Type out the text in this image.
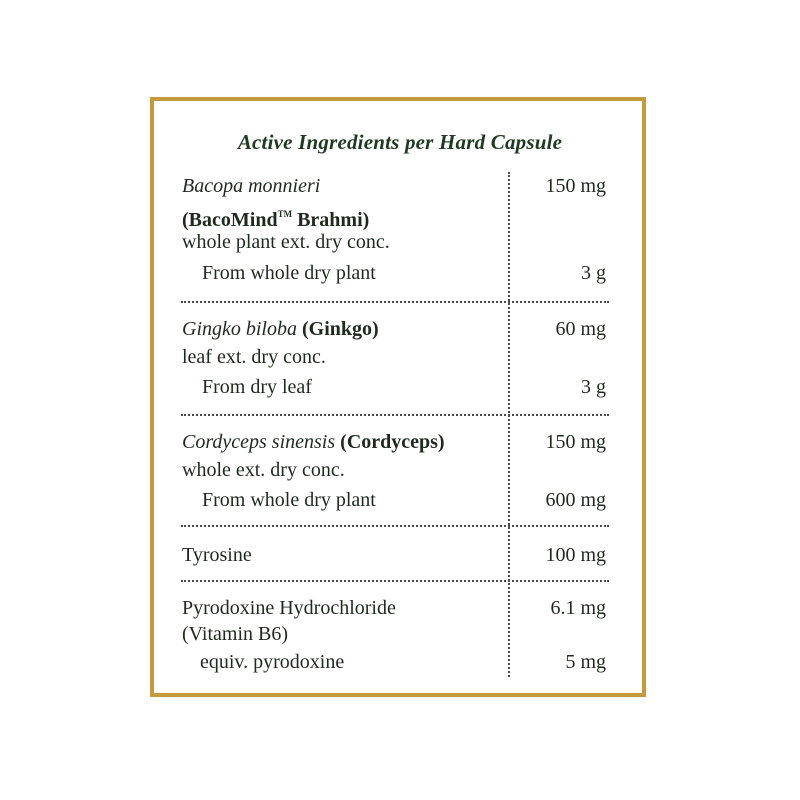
Active Ingredients per Hard Capsule
Bacopa monnieri
(BacoMind™ Brahmi)
whole plant ext. dry conc.
From whole dry plant
150 mg
3 g
Gingko biloba (Ginkgo)
leaf ext. dry conc.
From dry leaf
60 mg
3 g
Cordyceps sinensis (Cordyceps)
whole ext. dry conc.
From whole dry plant
150 mg
600 mg
Tyrosine	100 mg
Pyrodoxine Hydrochloride
(Vitamin B6)
equiv. pyrodoxine
6.1 mg
5 mg
